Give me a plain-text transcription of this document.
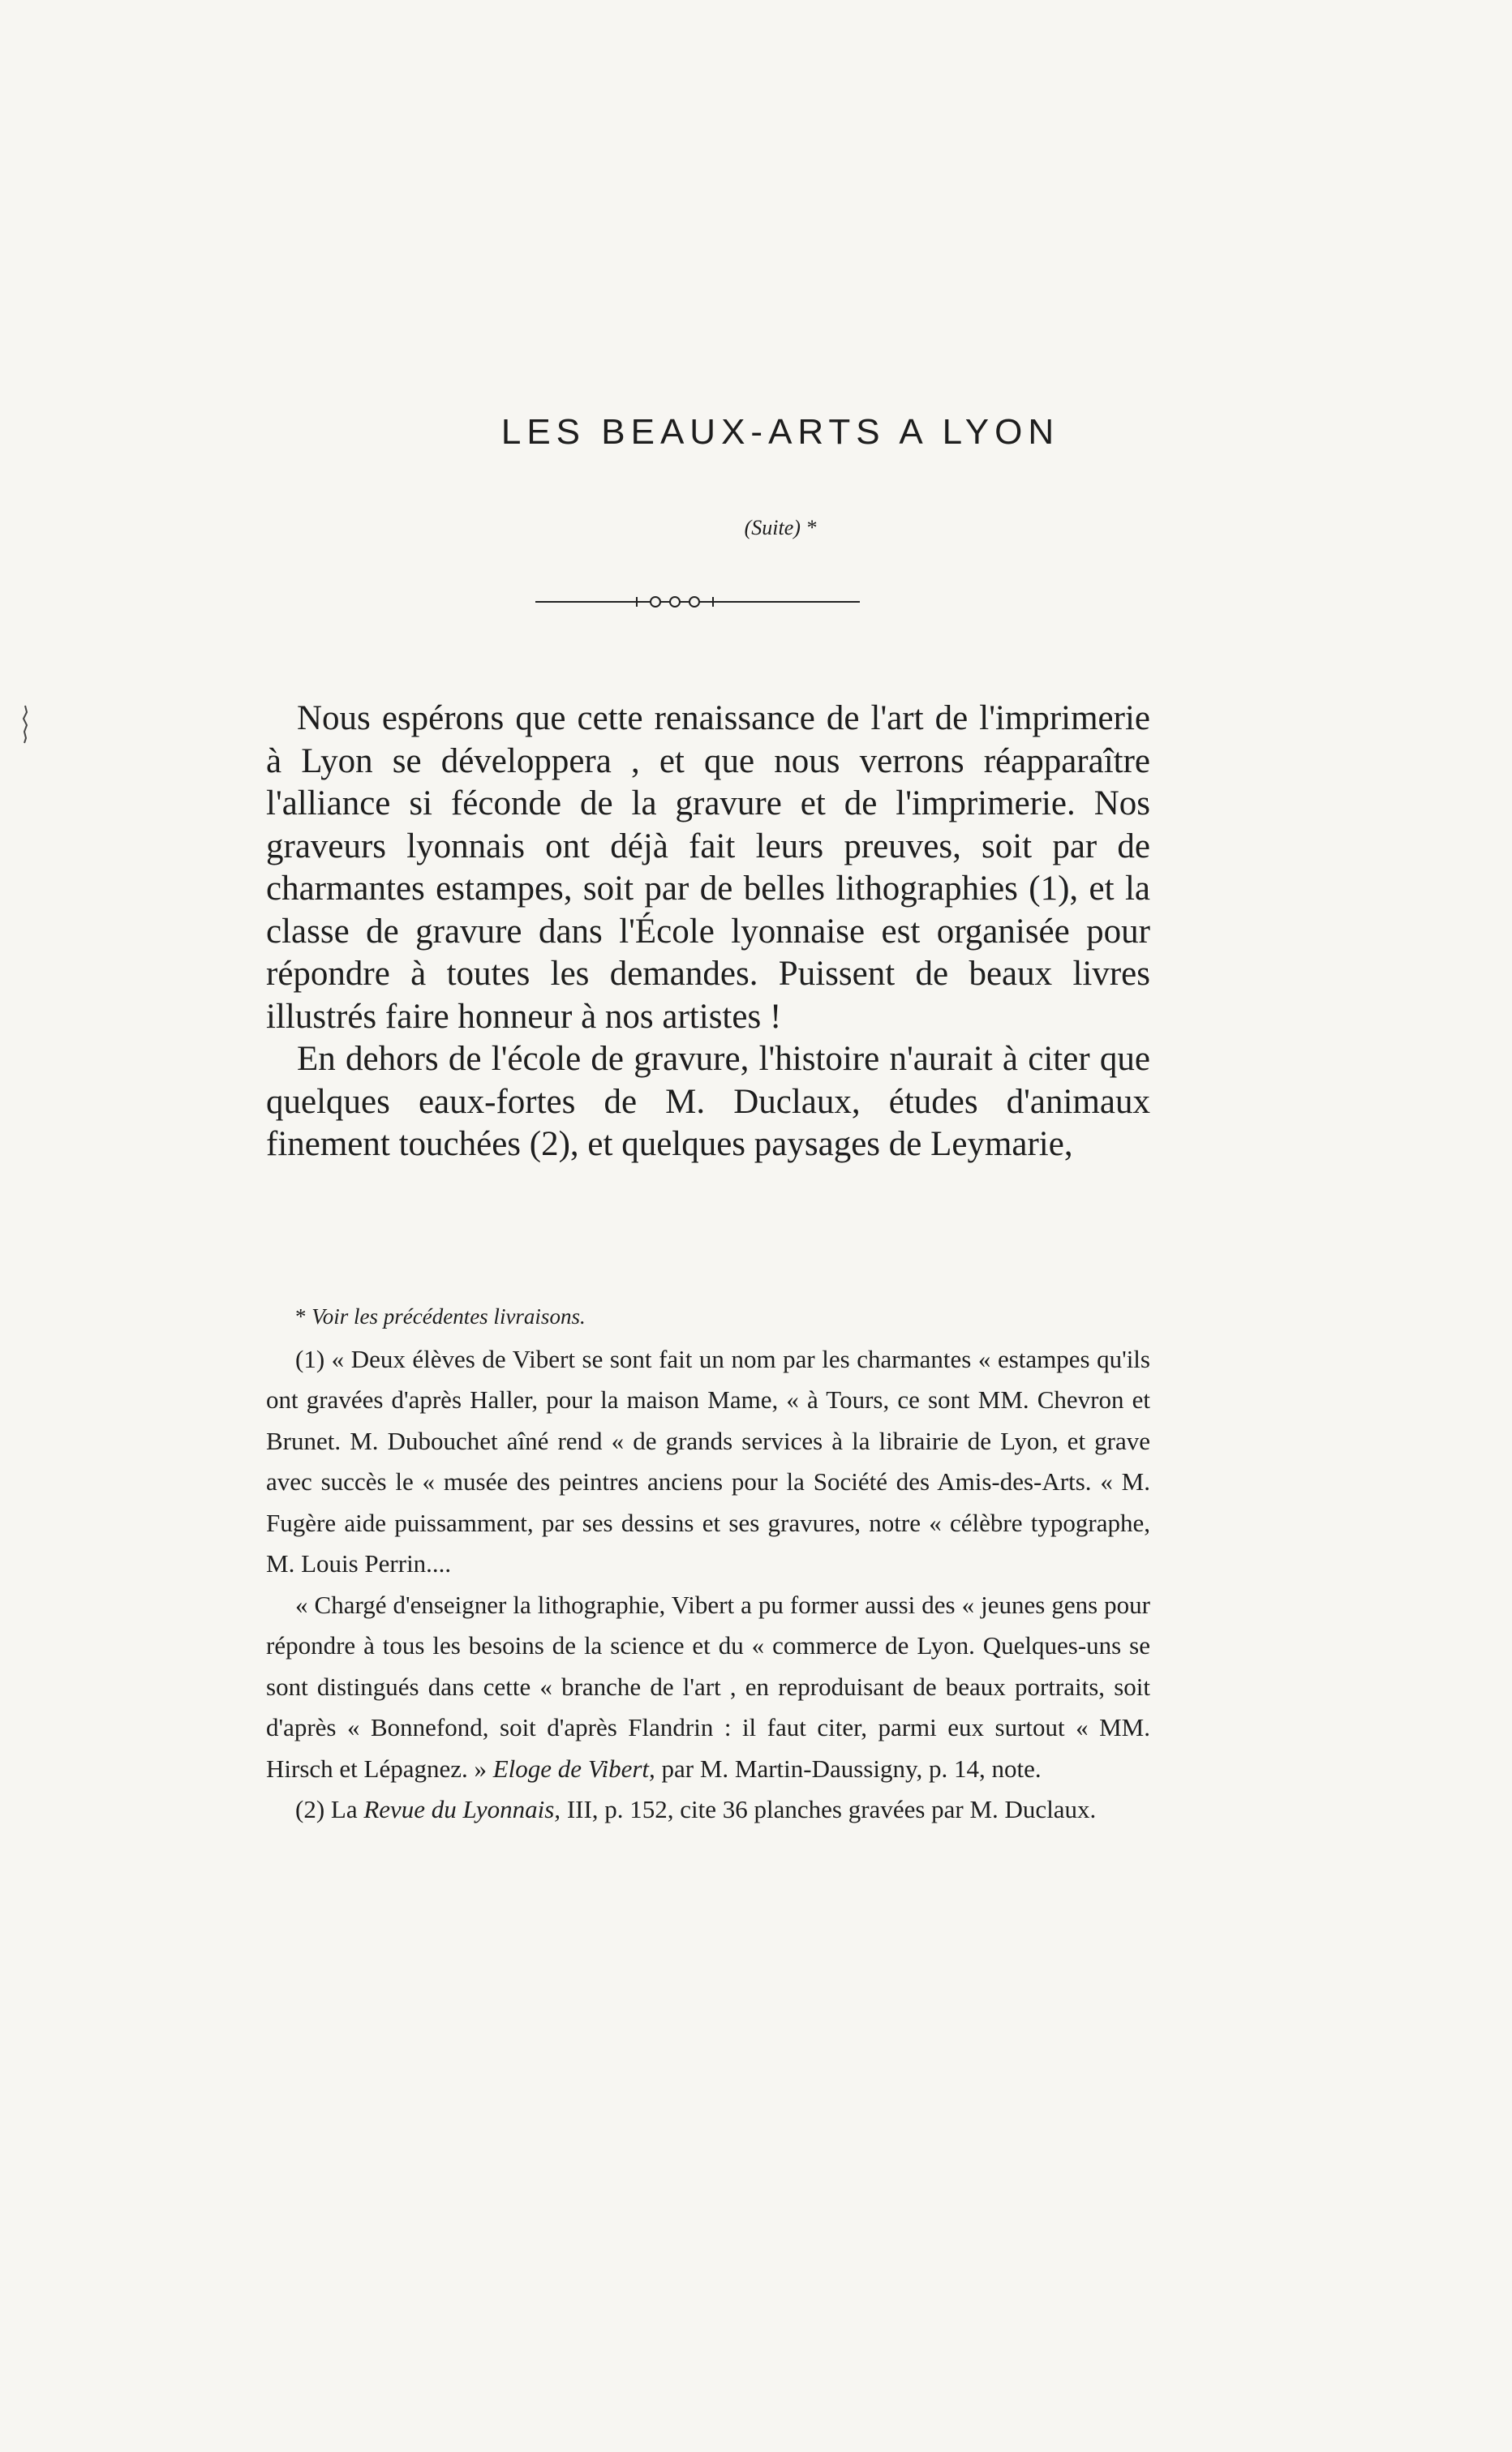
LES BEAUX-ARTS A LYON
(Suite) *

Nous espérons que cette renaissance de l'art de l'imprimerie à Lyon se développera , et que nous verrons réapparaître l'alliance si féconde de la gravure et de l'imprimerie. Nos graveurs lyonnais ont déjà fait leurs preuves, soit par de charmantes estampes, soit par de belles lithographies (1), et la classe de gravure dans l'École lyonnaise est organisée pour répondre à toutes les demandes. Puissent de beaux livres illustrés faire honneur à nos artistes !

En dehors de l'école de gravure, l'histoire n'aurait à citer que quelques eaux-fortes de M. Duclaux, études d'animaux finement touchées (2), et quelques paysages de Leymarie,

* Voir les précédentes livraisons.

(1) « Deux élèves de Vibert se sont fait un nom par les charmantes « estampes qu'ils ont gravées d'après Haller, pour la maison Mame, « à Tours, ce sont MM. Chevron et Brunet. M. Dubouchet aîné rend « de grands services à la librairie de Lyon, et grave avec succès le « musée des peintres anciens pour la Société des Amis-des-Arts. « M. Fugère aide puissamment, par ses dessins et ses gravures, notre « célèbre typographe, M. Louis Perrin....

« Chargé d'enseigner la lithographie, Vibert a pu former aussi des « jeunes gens pour répondre à tous les besoins de la science et du « commerce de Lyon. Quelques-uns se sont distingués dans cette « branche de l'art , en reproduisant de beaux portraits, soit d'après « Bonnefond, soit d'après Flandrin : il faut citer, parmi eux surtout « MM. Hirsch et Lépagnez. » Eloge de Vibert, par M. Martin-Daussigny, p. 14, note.

(2) La Revue du Lyonnais, III, p. 152, cite 36 planches gravées par M. Duclaux.
